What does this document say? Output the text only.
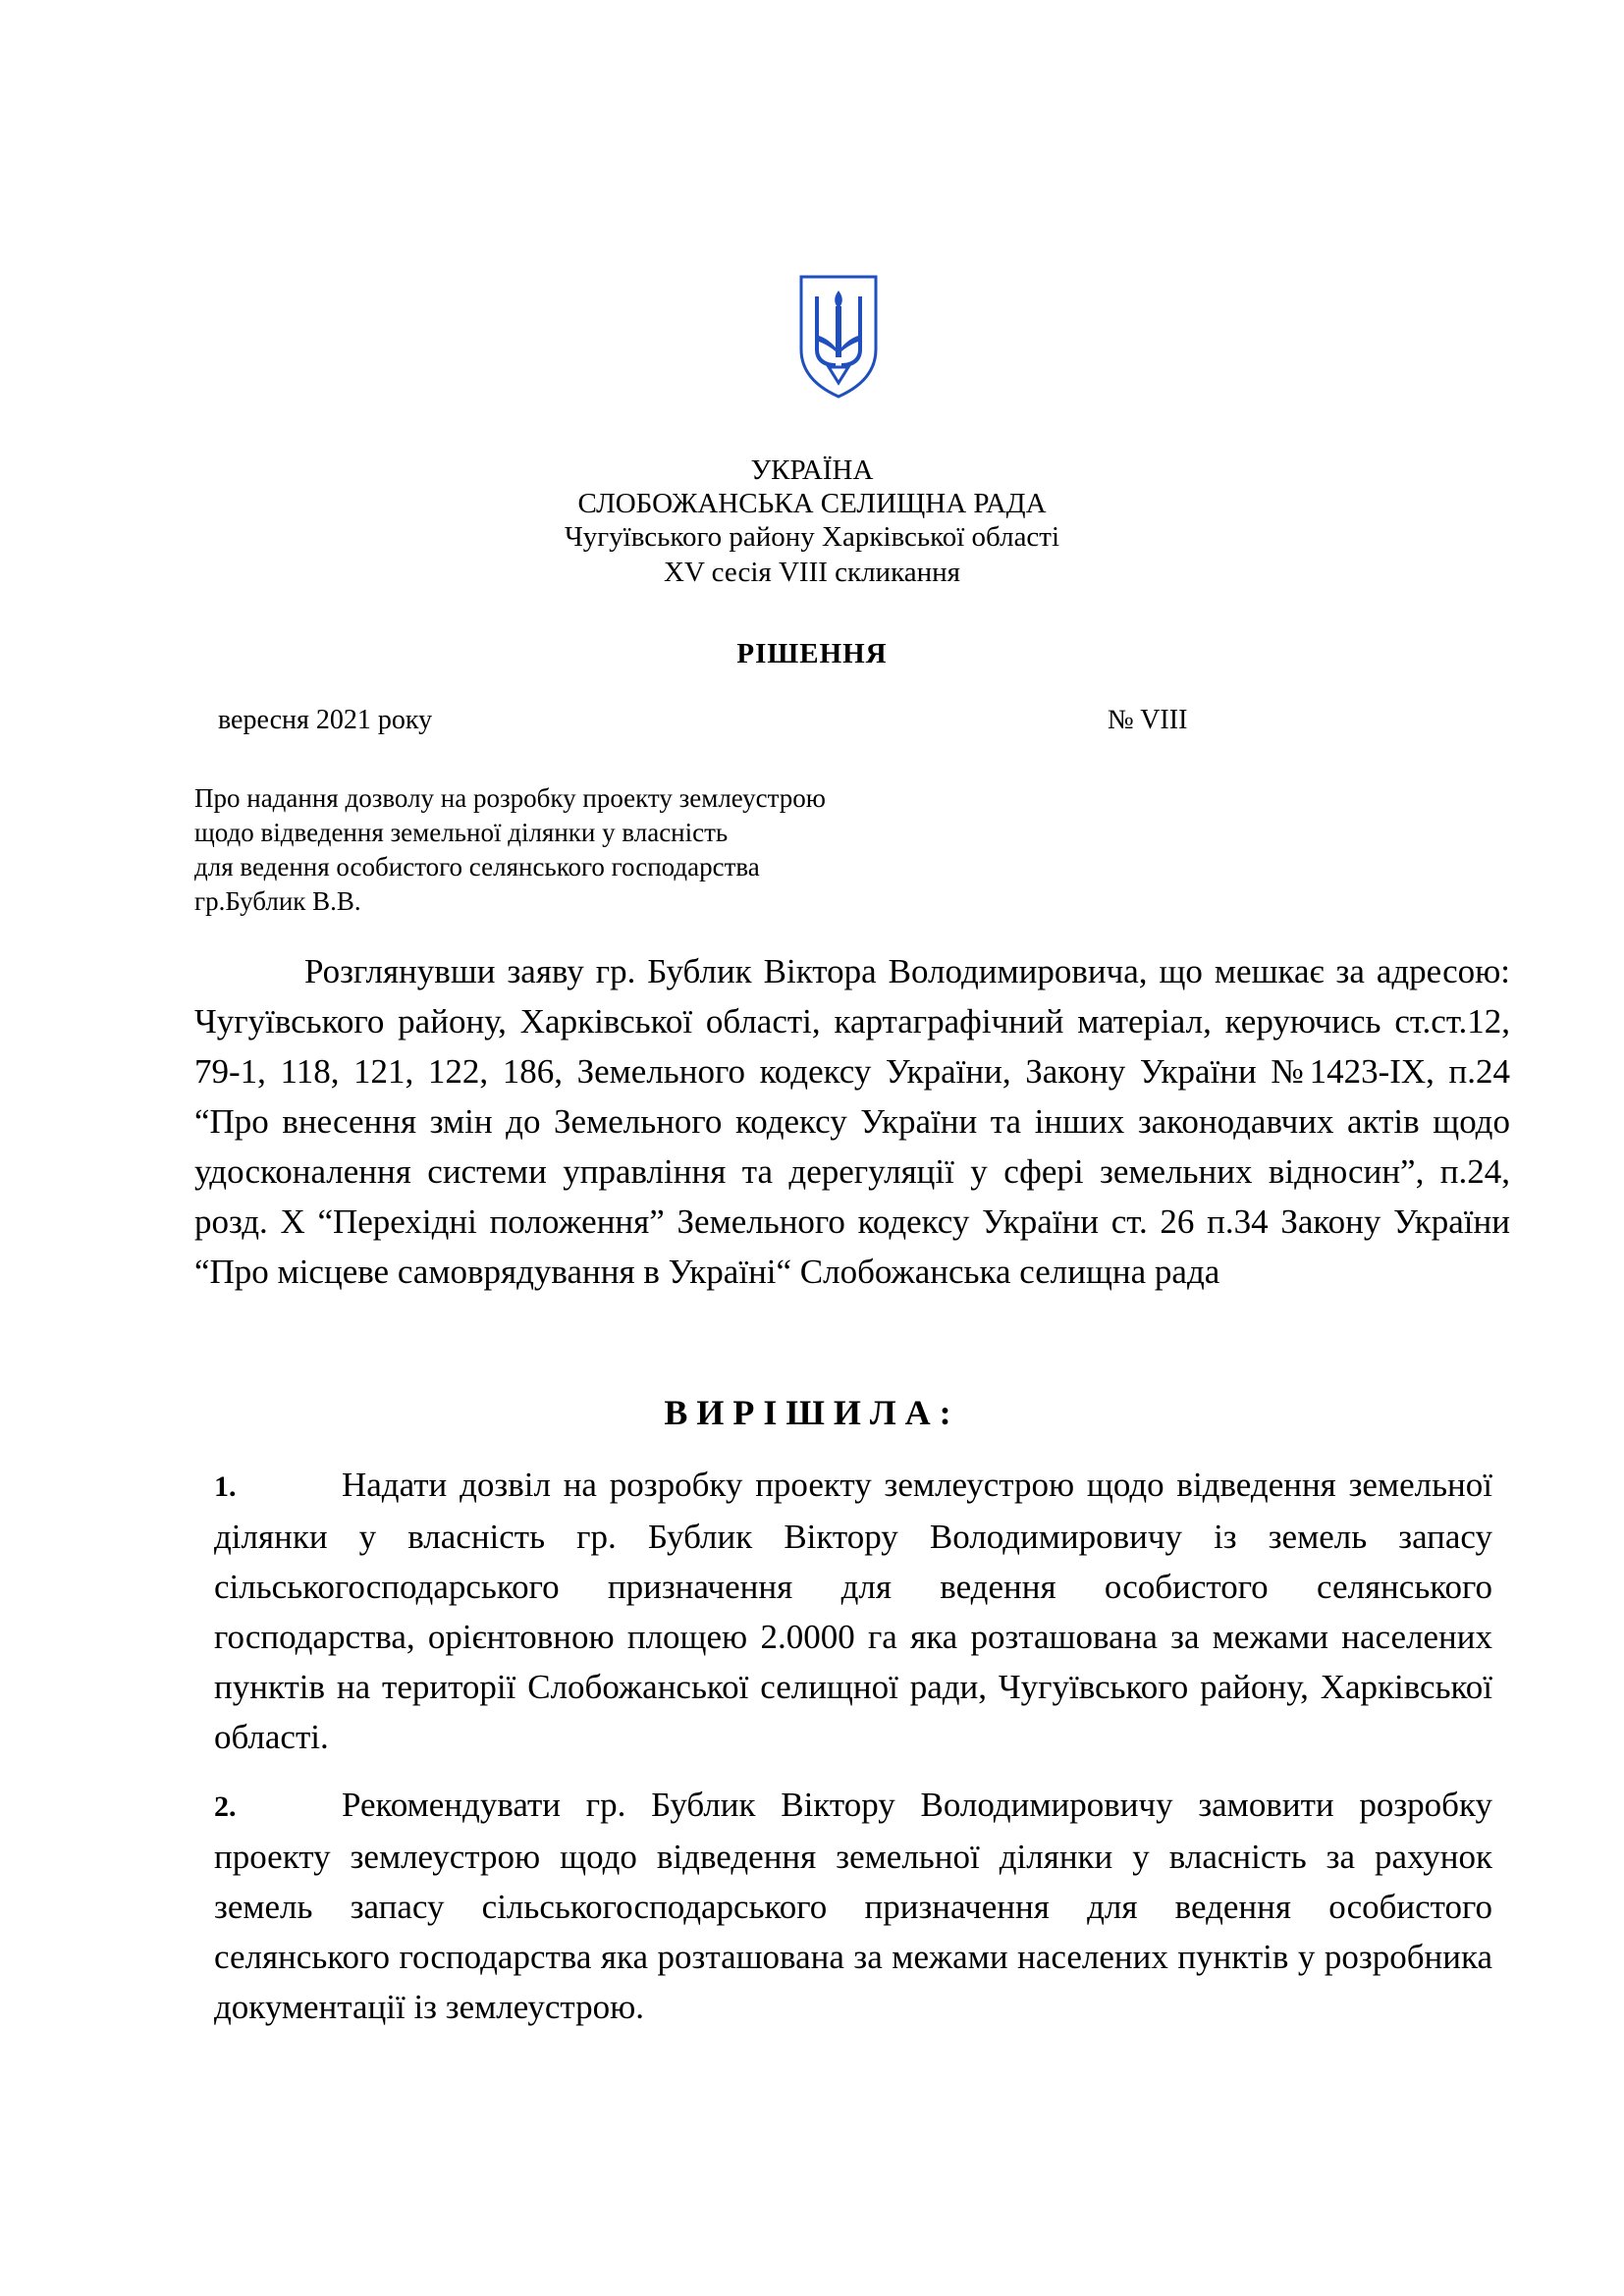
УКРАЇНА
СЛОБОЖАНСЬКА СЕЛИЩНА РАДА
Чугуївського району Харківської області
XV сесія VIII скликання
РІШЕННЯ
вересня 2021 року	№ VIII
Про надання дозволу на розробку проекту землеустрою
щодо відведення земельної ділянки у власність
для ведення особистого селянського господарства
гр.Бублик В.В.
Розглянувши заяву гр. Бублик Віктора Володимировича, що мешкає за адресою: Чугуївського району, Харківської області, картаграфічний матеріал, керуючись ст.ст.12, 79-1, 118, 121, 122, 186, Земельного кодексу України, Закону України №1423-ІХ, п.24 “Про внесення змін до Земельного кодексу України та інших законодавчих актів щодо удосконалення системи управління та дерегуляції у сфері земельних відносин”, п.24, розд. Х “Перехідні положення” Земельного кодексу України ст. 26 п.34 Закону України “Про місцеве самоврядування в Україні“ Слобожанська селищна рада
ВИРІШИЛА:
1.	Надати дозвіл на розробку проекту землеустрою щодо відведення земельної ділянки у власність гр. Бублик Віктору Володимировичу із земель запасу сільськогосподарського призначення для ведення особистого селянського господарства, орієнтовною площею 2.0000 га яка розташована за межами населених пунктів на території Слобожанської селищної ради, Чугуївського району, Харківської області.
2.	Рекомендувати гр. Бублик Віктору Володимировичу замовити розробку проекту землеустрою щодо відведення земельної ділянки у власність за рахунок земель запасу сільськогосподарського призначення для ведення особистого селянського господарства яка розташована за межами населених пунктів у розробника документації із землеустрою.
